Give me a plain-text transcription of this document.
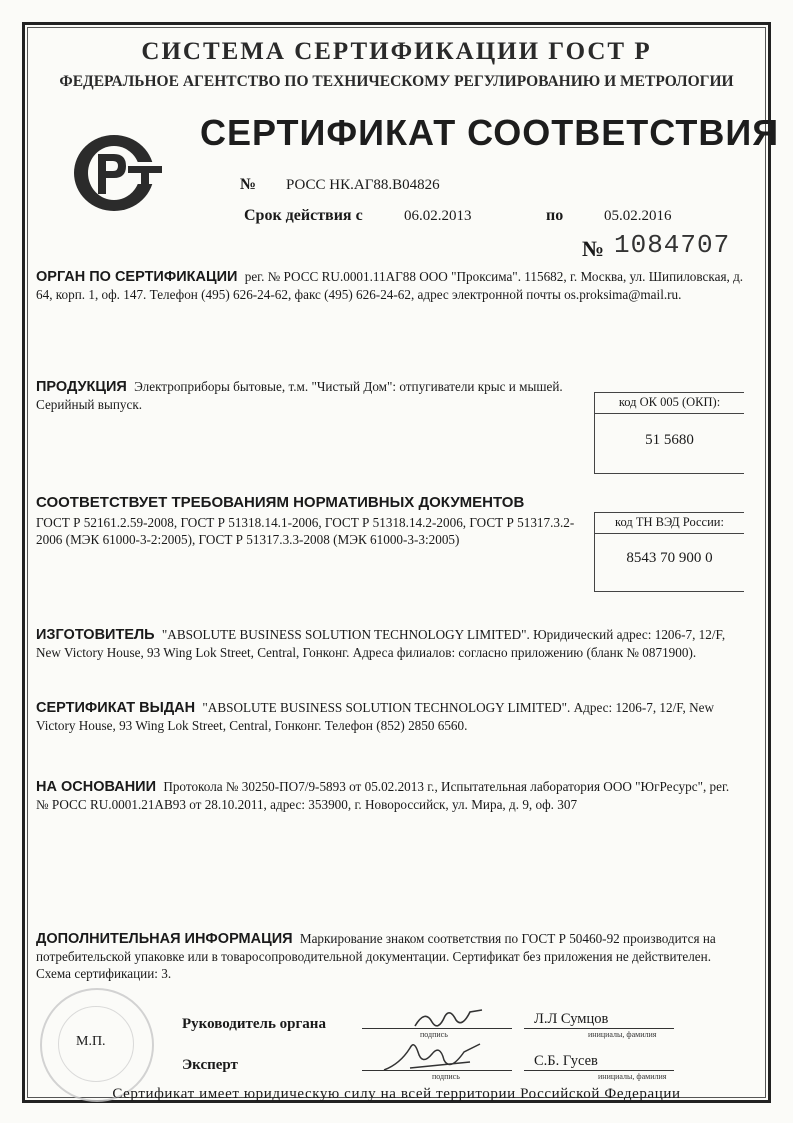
СИСТЕМА СЕРТИФИКАЦИИ ГОСТ Р
ФЕДЕРАЛЬНОЕ АГЕНТСТВО ПО ТЕХНИЧЕСКОМУ РЕГУЛИРОВАНИЮ И МЕТРОЛОГИИ
СЕРТИФИКАТ СООТВЕТСТВИЯ
№ РОСС НК.АГ88.В04826
Срок действия с	06.02.2013	по	05.02.2016
№ 1084707
ОРГАН ПО СЕРТИФИКАЦИИ рег. № РОСС RU.0001.11АГ88 ООО "Проксима". 115682, г. Москва, ул. Шипиловская, д. 64, корп. 1, оф. 147. Телефон (495) 626-24-62, факс (495) 626-24-62, адрес электронной почты os.proksima@mail.ru.
ПРОДУКЦИЯ Электроприборы бытовые, т.м. "Чистый Дом": отпугиватели крыс и мышей. Серийный выпуск.	код ОК 005 (ОКП):
51 5680
СООТВЕТСТВУЕТ ТРЕБОВАНИЯМ НОРМАТИВНЫХ ДОКУМЕНТОВ
ГОСТ Р 52161.2.59-2008, ГОСТ Р 51318.14.1-2006, ГОСТ Р 51318.14.2-2006, ГОСТ Р 51317.3.2-2006 (МЭК 61000-3-2:2005), ГОСТ Р 51317.3.3-2008 (МЭК 61000-3-3:2005)
код ТН ВЭД России:
8543 70 900 0
ИЗГОТОВИТЕЛЬ "ABSOLUTE BUSINESS SOLUTION TECHNOLOGY LIMITED". Юридический адрес: 1206-7, 12/F, New Victory House, 93 Wing Lok Street, Central, Гонконг. Адреса филиалов: согласно приложению (бланк № 0871900).
СЕРТИФИКАТ ВЫДАН "ABSOLUTE BUSINESS SOLUTION TECHNOLOGY LIMITED". Адрес: 1206-7, 12/F, New Victory House, 93 Wing Lok Street, Central, Гонконг. Телефон (852) 2850 6560.
НА ОСНОВАНИИ Протокола № 30250-ПО7/9-5893 от 05.02.2013 г., Испытательная лаборатория ООО "ЮгРесурс", рег. № РОСС RU.0001.21АВ93 от 28.10.2011, адрес: 353900, г. Новороссийск, ул. Мира, д. 9, оф. 307
ДОПОЛНИТЕЛЬНАЯ ИНФОРМАЦИЯ Маркирование знаком соответствия по ГОСТ Р 50460-92 производится на потребительской упаковке или в товаросопроводительной документации. Сертификат без приложения не действителен. Схема сертификации: 3.
М.П.
Руководитель органа
подпись
Л.Л Сумцов
инициалы, фамилия
Эксперт
подпись
С.Б. Гусев
инициалы, фамилия
Сертификат имеет юридическую силу на всей территории Российской Федерации
